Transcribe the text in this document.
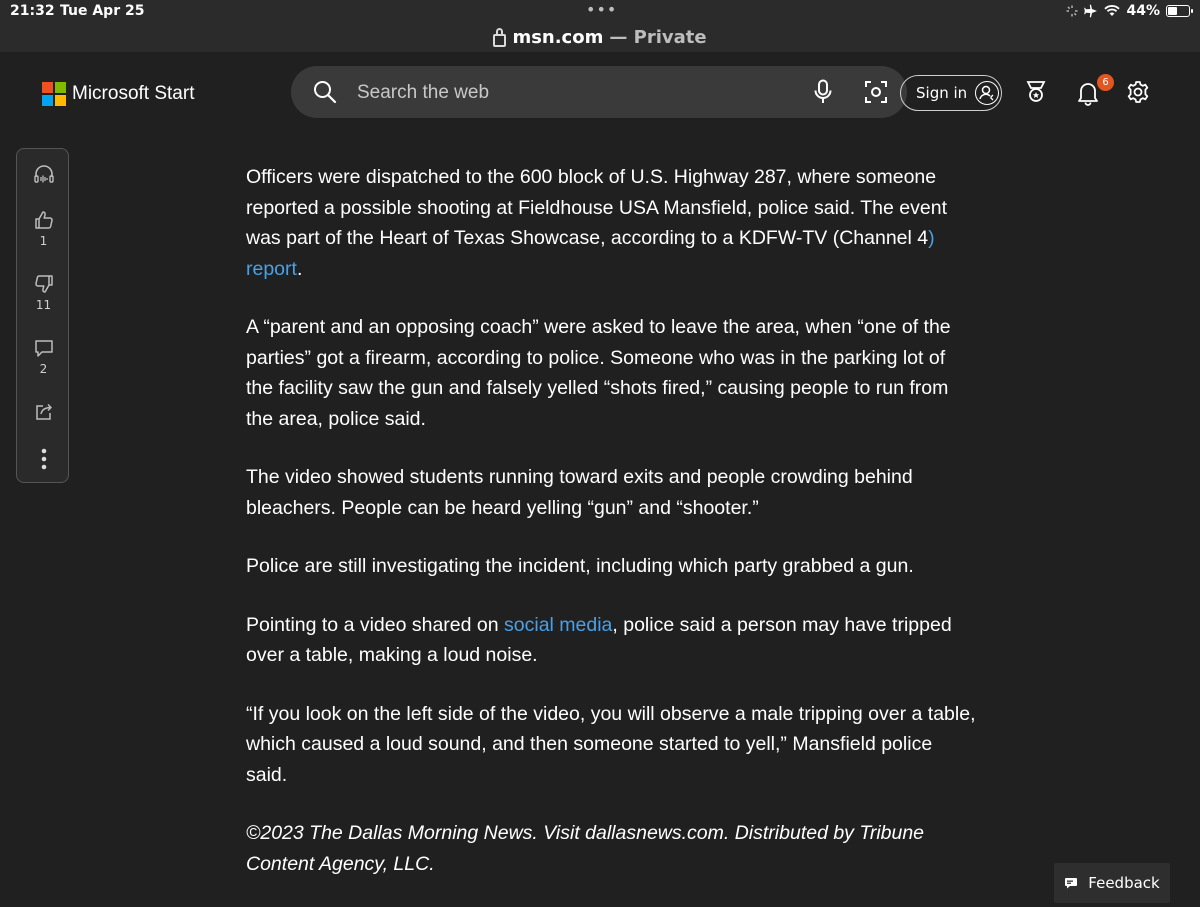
21:32 Tue Apr 25	•••	44%
msn.com — Private
Microsoft Start
Search the web	Sign in
6
1
11
2

Officers were dispatched to the 600 block of U.S. Highway 287, where someone reported a possible shooting at Fieldhouse USA Mansfield, police said. The event was part of the Heart of Texas Showcase, according to a KDFW-TV (Channel 4) report.

A “parent and an opposing coach” were asked to leave the area, when “one of the parties” got a firearm, according to police. Someone who was in the parking lot of the facility saw the gun and falsely yelled “shots fired,” causing people to run from the area, police said.

The video showed students running toward exits and people crowding behind bleachers. People can be heard yelling “gun” and “shooter.”

Police are still investigating the incident, including which party grabbed a gun.

Pointing to a video shared on social media, police said a person may have tripped over a table, making a loud noise.

“If you look on the left side of the video, you will observe a male tripping over a table, which caused a loud sound, and then someone started to yell,” Mansfield police said.

©2023 The Dallas Morning News. Visit dallasnews.com. Distributed by Tribune Content Agency, LLC.

Feedback
